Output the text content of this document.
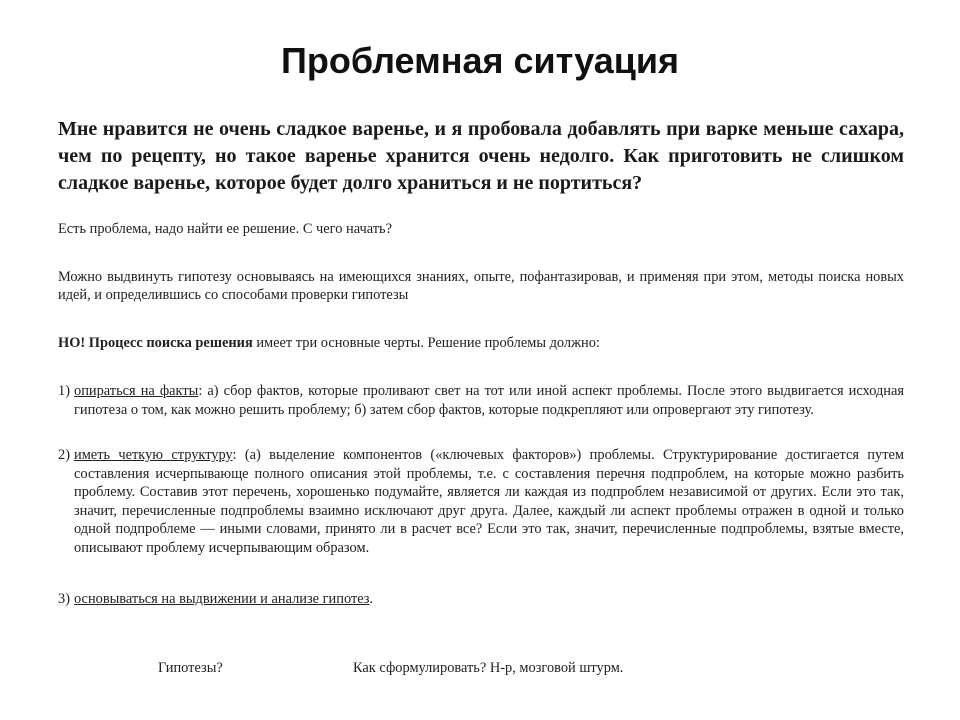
Проблемная ситуация

Мне нравится не очень сладкое варенье, и я пробовала добавлять при варке меньше сахара, чем по рецепту, но такое варенье хранится очень недолго. Как приготовить не слишком сладкое варенье, которое будет долго храниться и не портиться?

Есть проблема, надо найти ее решение. С чего начать?

Можно выдвинуть гипотезу основываясь на имеющихся знаниях, опыте, пофантазировав, и применяя при этом, методы поиска новых идей, и определившись со способами проверки гипотезы

НО! Процесс поиска решения имеет три основные черты. Решение проблемы должно:

1) опираться на факты: а) сбор фактов, которые проливают свет на тот или иной аспект проблемы. После этого выдвигается исходная гипотеза о том, как можно решить проблему; б) затем сбор фактов, которые подкрепляют или опровергают эту гипотезу.
2) иметь четкую структуру: (а) выделение компонентов («ключевых факторов») проблемы. Структурирование достигается путем составления исчерпывающе полного описания этой проблемы, т.е. с составления перечня подпроблем, на которые можно разбить проблему. Составив этот перечень, хорошенько подумайте, является ли каждая из подпроблем независимой от других. Если это так, значит, перечисленные подпроблемы взаимно исключают друг друга. Далее, каждый ли аспект проблемы отражен в одной и только одной подпроблеме — иными словами, принято ли в расчет все? Если это так, значит, перечисленные подпроблемы, взятые вместе, описывают проблему исчерпывающим образом.
3) основываться на выдвижении и анализе гипотез.
Гипотезы?	Как сформулировать? Н-р, мозговой штурм.
